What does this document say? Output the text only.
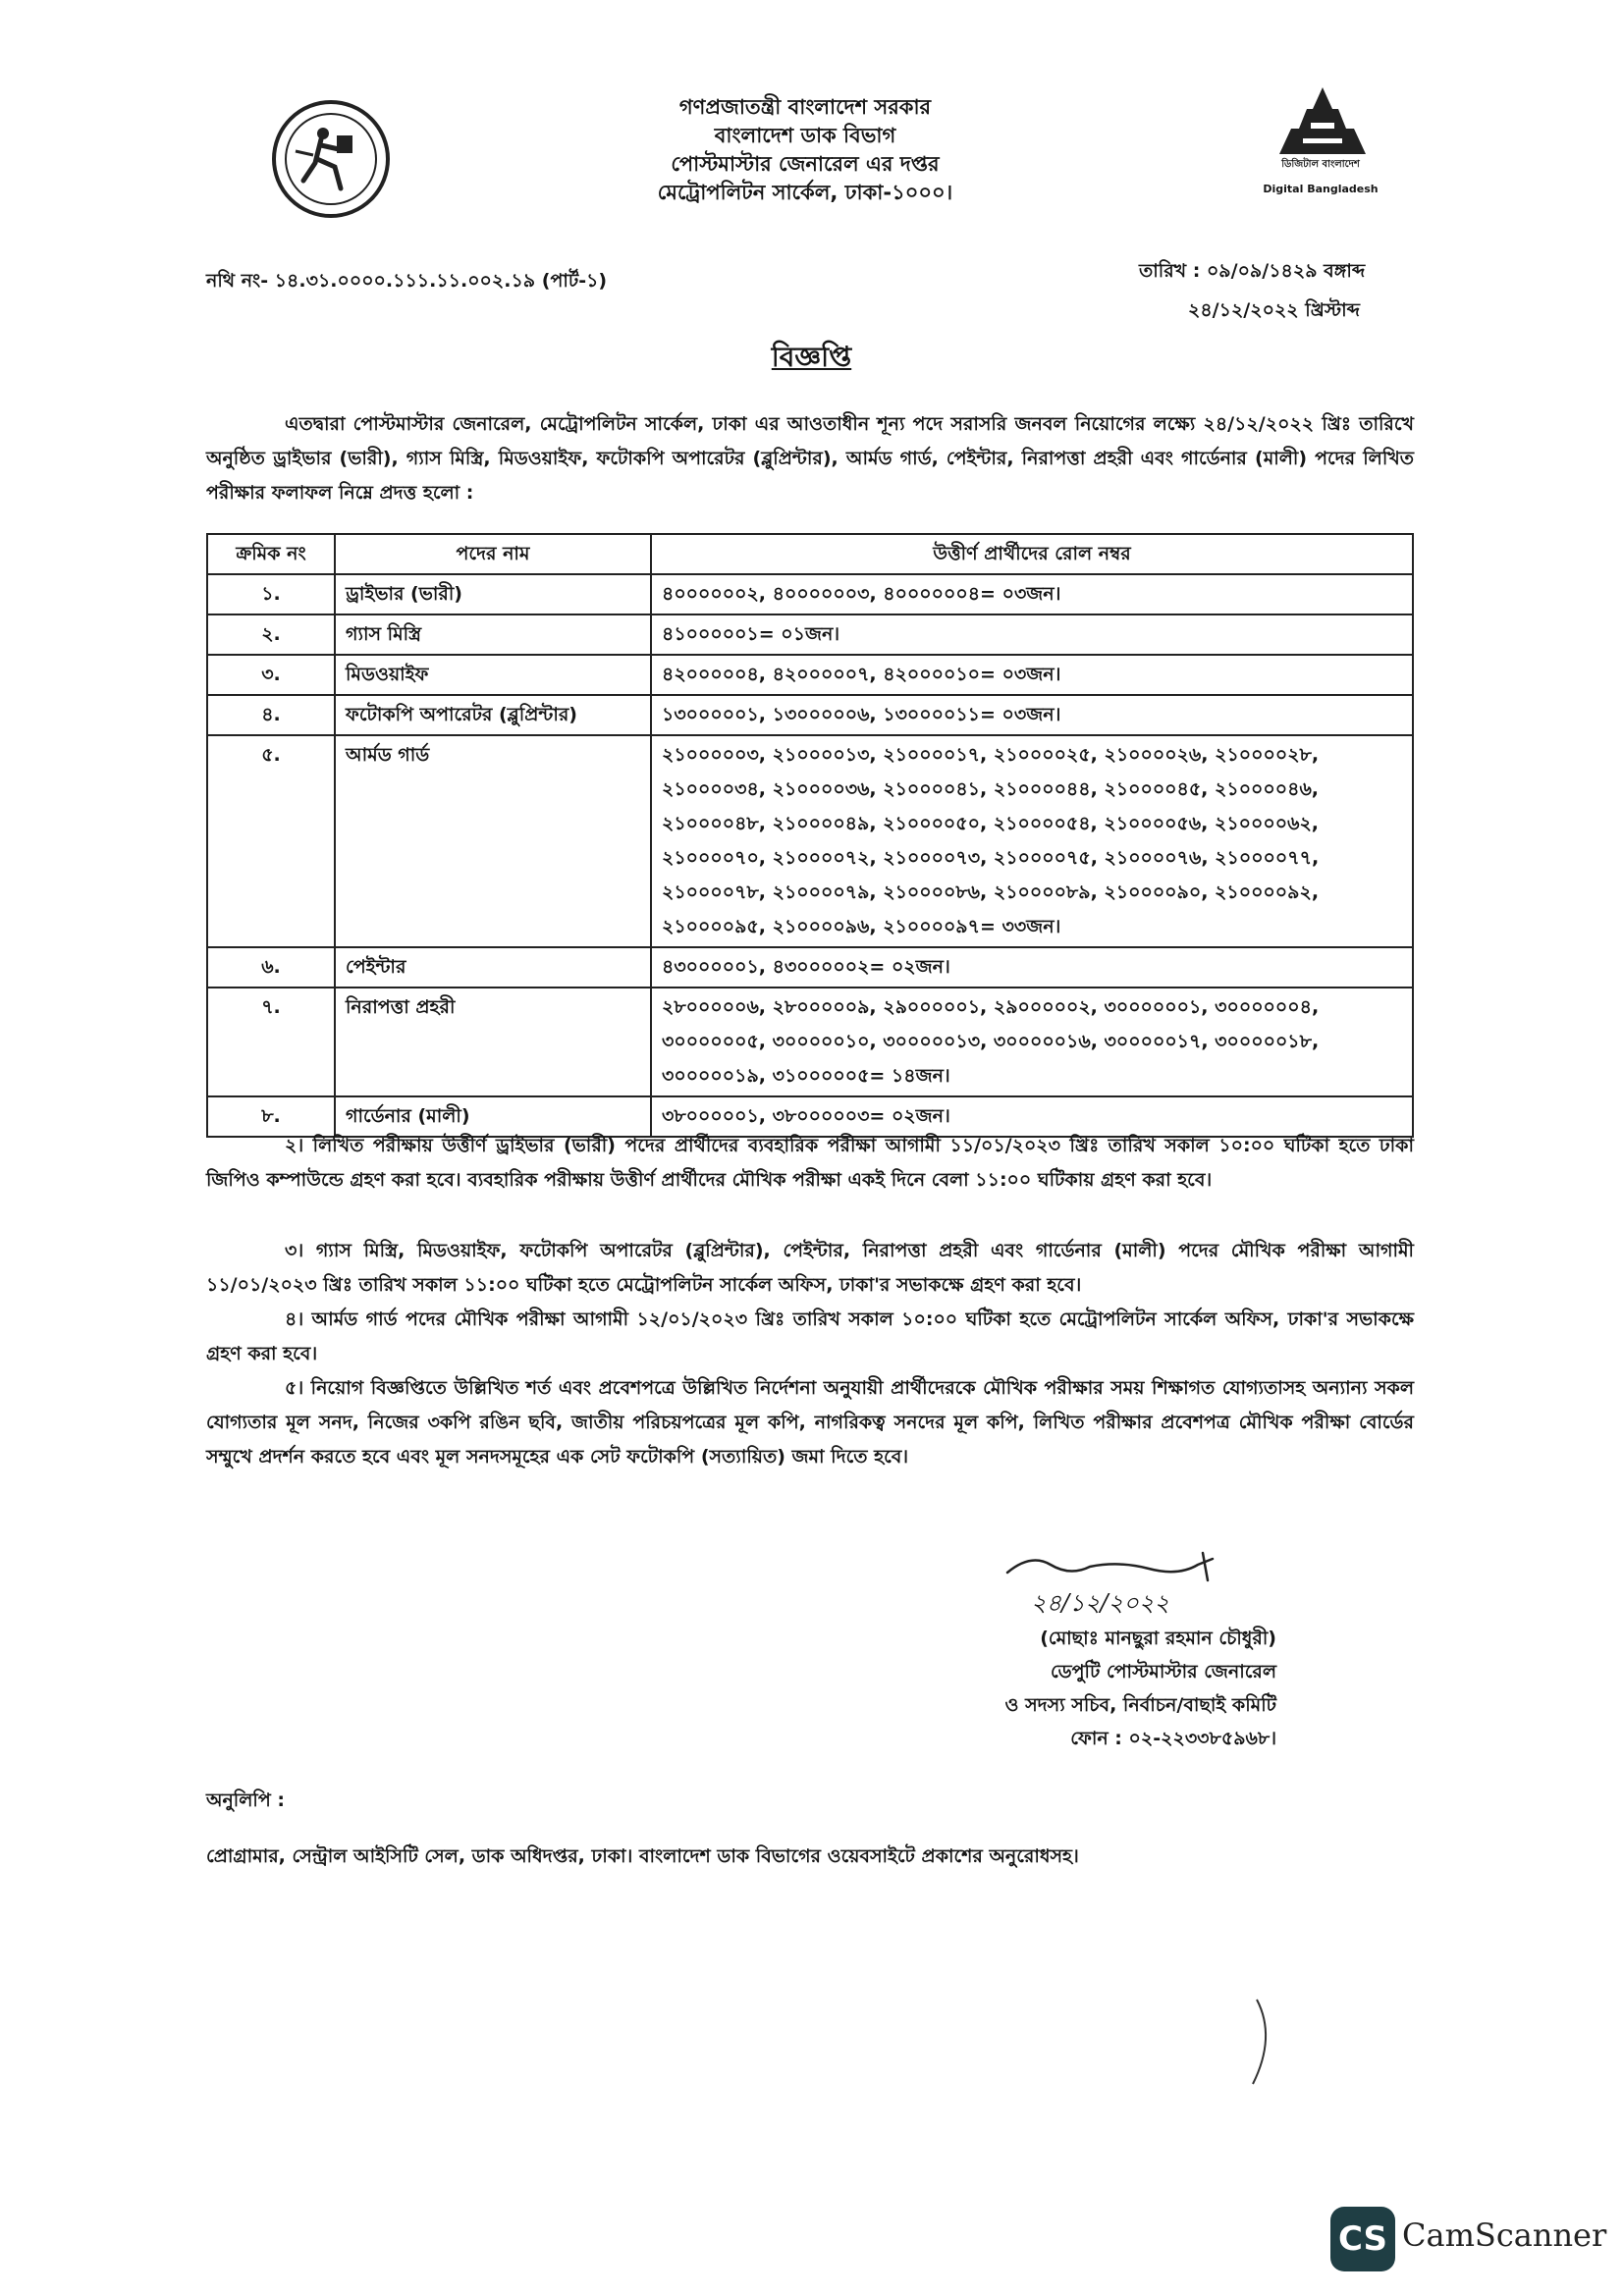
গণপ্রজাতন্ত্রী বাংলাদেশ সরকার
বাংলাদেশ ডাক বিভাগ
পোস্টমাস্টার জেনারেল এর দপ্তর
মেট্রোপলিটন সার্কেল, ঢাকা-১০০০।
ডিজিটাল বাংলাদেশ
Digital Bangladesh
নথি নং- ১৪.৩১.০০০০.১১১.১১.০০২.১৯ (পার্ট-১)	তারিখ : ০৯/০৯/১৪২৯ বঙ্গাব্দ
২৪/১২/২০২২ খ্রিস্টাব্দ
বিজ্ঞপ্তি
এতদ্বারা পোস্টমাস্টার জেনারেল, মেট্রোপলিটন সার্কেল, ঢাকা এর আওতাধীন শূন্য পদে সরাসরি জনবল নিয়োগের লক্ষ্যে ২৪/১২/২০২২ খ্রিঃ তারিখে অনুষ্ঠিত ড্রাইভার (ভারী), গ্যাস মিস্ত্রি, মিডওয়াইফ, ফটোকপি অপারেটর (ব্লুপ্রিন্টার), আর্মড গার্ড, পেইন্টার, নিরাপত্তা প্রহরী এবং গার্ডেনার (মালী) পদের লিখিত পরীক্ষার ফলাফল নিম্নে প্রদত্ত হলো :
ক্রমিক নং	পদের নাম	উত্তীর্ণ প্রার্থীদের রোল নম্বর
১.	ড্রাইভার (ভারী)	৪০০০০০০২, ৪০০০০০০৩, ৪০০০০০০৪= ০৩জন।
২.	গ্যাস মিস্ত্রি	৪১০০০০০১= ০১জন।
৩.	মিডওয়াইফ	৪২০০০০০৪, ৪২০০০০০৭, ৪২০০০০১০= ০৩জন।
৪.	ফটোকপি অপারেটর (ব্লুপ্রিন্টার)	১৩০০০০০১, ১৩০০০০০৬, ১৩০০০০১১= ০৩জন।
৫.	আর্মড গার্ড	২১০০০০০৩, ২১০০০০১৩, ২১০০০০১৭, ২১০০০০২৫, ২১০০০০২৬, ২১০০০০২৮, ২১০০০০৩৪, ২১০০০০৩৬, ২১০০০০৪১, ২১০০০০৪৪, ২১০০০০৪৫, ২১০০০০৪৬, ২১০০০০৪৮, ২১০০০০৪৯, ২১০০০০৫০, ২১০০০০৫৪, ২১০০০০৫৬, ২১০০০০৬২, ২১০০০০৭০, ২১০০০০৭২, ২১০০০০৭৩, ২১০০০০৭৫, ২১০০০০৭৬, ২১০০০০৭৭, ২১০০০০৭৮, ২১০০০০৭৯, ২১০০০০৮৬, ২১০০০০৮৯, ২১০০০০৯০, ২১০০০০৯২, ২১০০০০৯৫, ২১০০০০৯৬, ২১০০০০৯৭= ৩৩জন।
৬.	পেইন্টার	৪৩০০০০০১, ৪৩০০০০০২= ০২জন।
৭.	নিরাপত্তা প্রহরী	২৮০০০০০৬, ২৮০০০০০৯, ২৯০০০০০১, ২৯০০০০০২, ৩০০০০০০১, ৩০০০০০০৪, ৩০০০০০০৫, ৩০০০০০১০, ৩০০০০০১৩, ৩০০০০০১৬, ৩০০০০০১৭, ৩০০০০০১৮, ৩০০০০০১৯, ৩১০০০০০৫= ১৪জন।
৮.	গার্ডেনার (মালী)	৩৮০০০০০১, ৩৮০০০০০৩= ০২জন।
২। লিখিত পরীক্ষায় উত্তীর্ণ ড্রাইভার (ভারী) পদের প্রার্থীদের ব্যবহারিক পরীক্ষা আগামী ১১/০১/২০২৩ খ্রিঃ তারিখ সকাল ১০:০০ ঘটিকা হতে ঢাকা জিপিও কম্পাউন্ডে গ্রহণ করা হবে। ব্যবহারিক পরীক্ষায় উত্তীর্ণ প্রার্থীদের মৌখিক পরীক্ষা একই দিনে বেলা ১১:০০ ঘটিকায় গ্রহণ করা হবে।
৩। গ্যাস মিস্ত্রি, মিডওয়াইফ, ফটোকপি অপারেটর (ব্লুপ্রিন্টার), পেইন্টার, নিরাপত্তা প্রহরী এবং গার্ডেনার (মালী) পদের মৌখিক পরীক্ষা আগামী ১১/০১/২০২৩ খ্রিঃ তারিখ সকাল ১১:০০ ঘটিকা হতে মেট্রোপলিটন সার্কেল অফিস, ঢাকা'র সভাকক্ষে গ্রহণ করা হবে।
৪। আর্মড গার্ড পদের মৌখিক পরীক্ষা আগামী ১২/০১/২০২৩ খ্রিঃ তারিখ সকাল ১০:০০ ঘটিকা হতে মেট্রোপলিটন সার্কেল অফিস, ঢাকা'র সভাকক্ষে গ্রহণ করা হবে।
৫। নিয়োগ বিজ্ঞপ্তিতে উল্লিখিত শর্ত এবং প্রবেশপত্রে উল্লিখিত নির্দেশনা অনুযায়ী প্রার্থীদেরকে মৌখিক পরীক্ষার সময় শিক্ষাগত যোগ্যতাসহ অন্যান্য সকল যোগ্যতার মূল সনদ, নিজের ৩কপি রঙিন ছবি, জাতীয় পরিচয়পত্রের মূল কপি, নাগরিকত্ব সনদের মূল কপি, লিখিত পরীক্ষার প্রবেশপত্র মৌখিক পরীক্ষা বোর্ডের সম্মুখে প্রদর্শন করতে হবে এবং মূল সনদসমূহের এক সেট ফটোকপি (সত্যায়িত) জমা দিতে হবে।
২৪/১২/২০২২
(মোছাঃ মানছুরা রহমান চৌধুরী)
ডেপুটি পোস্টমাস্টার জেনারেল
ও সদস্য সচিব, নির্বাচন/বাছাই কমিটি
ফোন : ০২-২২৩৩৮৫৯৬৮।
অনুলিপি :
প্রোগ্রামার, সেন্ট্রাল আইসিটি সেল, ডাক অধিদপ্তর, ঢাকা। বাংলাদেশ ডাক বিভাগের ওয়েবসাইটে প্রকাশের অনুরোধসহ।
CS CamScanner
